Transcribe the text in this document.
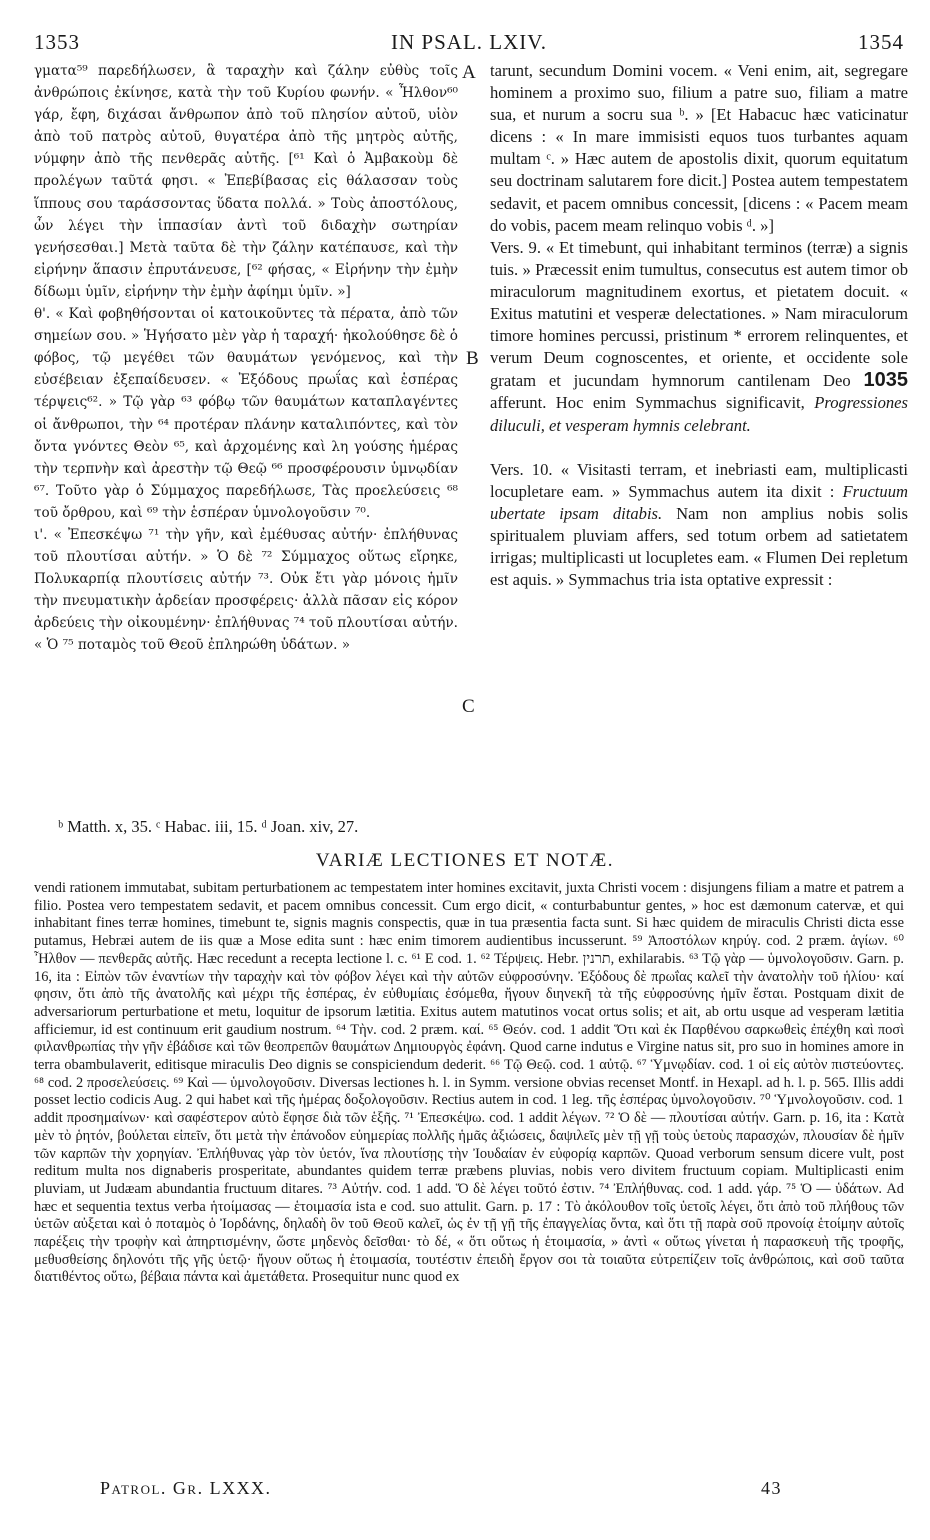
1353	IN PSAL. LXIV.	1354
A
B
C

γματα⁵⁹ παρεδήλωσεν, ἃ ταραχὴν καὶ ζάλην εὐθὺς τοῖς ἀνθρώποις ἐκίνησε, κατὰ τὴν τοῦ Κυρίου φωνήν. « Ἦλθον⁶⁰ γάρ, ἔφη, διχάσαι ἄνθρωπον ἀπὸ τοῦ πλησίον αὐτοῦ, υἱὸν ἀπὸ τοῦ πατρὸς αὐτοῦ, θυγατέρα ἀπὸ τῆς μητρὸς αὐτῆς, νύμφην ἀπὸ τῆς πενθερᾶς αὐτῆς. [⁶¹ Καὶ ὁ Ἀμβακοὺμ δὲ προλέγων ταῦτά φησι. « Ἐπεβίβασας εἰς θάλασσαν τοὺς ἵππους σου ταράσσοντας ὕδατα πολλά. » Τοὺς ἀποστόλους, ὧν λέγει τὴν ἱππασίαν ἀντὶ τοῦ διδαχὴν σωτηρίαν γενήσεσθαι.] Μετὰ ταῦτα δὲ τὴν ζάλην κατέπαυσε, καὶ τὴν εἰρήνην ἅπασιν ἐπρυτάνευσε, [⁶² φήσας, « Εἰρήνην τὴν ἐμὴν δίδωμι ὑμῖν, εἰρήνην τὴν ἐμὴν ἀφίημι ὑμῖν. »]

θ'. « Καὶ φοβηθήσονται οἱ κατοικοῦντες τὰ πέρατα, ἀπὸ τῶν σημείων σου. » Ἡγήσατο μὲν γὰρ ἡ ταραχή· ἠκολούθησε δὲ ὁ φόβος, τῷ μεγέθει τῶν θαυμάτων γενόμενος, καὶ τὴν εὐσέβειαν ἐξεπαίδευσεν. « Ἐξόδους πρωΐας καὶ ἑσπέρας τέρψεις⁶². » Τῷ γὰρ ⁶³ φόβῳ τῶν θαυμάτων καταπλαγέντες οἱ ἄνθρωποι, τὴν ⁶⁴ προτέραν πλάνην καταλιπόντες, καὶ τὸν ὄντα γνόντες Θεὸν ⁶⁵, καὶ ἀρχομένης καὶ λη γούσης ἡμέρας τὴν τερπνὴν καὶ ἀρεστὴν τῷ Θεῷ ⁶⁶ προσφέρουσιν ὑμνῳδίαν ⁶⁷. Τοῦτο γὰρ ὁ Σύμμαχος παρεδήλωσε, Τὰς προελεύσεις ⁶⁸ τοῦ ὄρθρου, καὶ ⁶⁹ τὴν ἑσπέραν ὑμνολογοῦσιν ⁷⁰.

ι'. « Ἐπεσκέψω ⁷¹ τὴν γῆν, καὶ ἐμέθυσας αὐτήν· ἐπλήθυνας τοῦ πλουτίσαι αὐτήν. » Ὁ δὲ ⁷² Σύμμαχος οὕτως εἴρηκε, Πολυκαρπίᾳ πλουτίσεις αὐτήν ⁷³. Οὐκ ἔτι γὰρ μόνοις ἡμῖν τὴν πνευματικὴν ἀρδείαν προσφέρεις· ἀλλὰ πᾶσαν εἰς κόρον ἀρδεύεις τὴν οἰκουμένην· ἐπλήθυνας ⁷⁴ τοῦ πλουτίσαι αὐτήν. « Ὁ ⁷⁵ ποταμὸς τοῦ Θεοῦ ἐπληρώθη ὑδάτων. »

tarunt, secundum Domini vocem. « Veni enim, ait, segregare hominem a proximo suo, filium a patre suo, filiam a matre sua, et nurum a socru sua ᵇ. » [Et Habacuc hæc vaticinatur dicens : « In mare immisisti equos tuos turbantes aquam multam ᶜ. » Hæc autem de apostolis dixit, quorum equitatum seu doctrinam salutarem fore dicit.] Postea autem tempestatem sedavit, et pacem omnibus concessit, [dicens : « Pacem meam do vobis, pacem meam relinquo vobis ᵈ. »]

Vers. 9. « Et timebunt, qui inhabitant terminos (terræ) a signis tuis. » Præcessit enim tumultus, consecutus est autem timor ob miraculorum magnitudinem exortus, et pietatem docuit. « Exitus matutini et vesperæ delectationes. » Nam miraculorum timore homines percussi, pristinum * errorem relinquentes, et verum Deum cognoscentes, et oriente, et occidente sole gratam et jucundam hymnorum cantilenam Deo 1035 afferunt. Hoc enim Symmachus significavit, Progressiones diluculi, et vesperam hymnis celebrant.

Vers. 10. « Visitasti terram, et inebriasti eam, multiplicasti locupletare eam. » Symmachus autem ita dixit : Fructuum ubertate ipsam ditabis. Nam non amplius nobis solis spiritualem pluviam affers, sed totum orbem ad satietatem irrigas; multiplicasti ut locupletes eam. « Flumen Dei repletum est aquis. » Symmachus tria ista optative expressit :

ᵇ Matth. x, 35. ᶜ Habac. iii, 15. ᵈ Joan. xiv, 27.
VARIÆ LECTIONES ET NOTÆ.

vendi rationem immutabat, subitam perturbationem ac tempestatem inter homines excitavit, juxta Christi vocem : disjungens filiam a matre et patrem a filio. Postea vero tempestatem sedavit, et pacem omnibus concessit. Cum ergo dicit, « conturbabuntur gentes, » hoc est dæmonum catervæ, et qui inhabitant fines terræ homines, timebunt te, signis magnis conspectis, quæ in tua præsentia facta sunt. Si hæc quidem de miraculis Christi dicta esse putamus, Hebræi autem de iis quæ a Mose edita sunt : hæc enim timorem audientibus incusserunt. ⁵⁹ Ἀποστόλων κηρύγ. cod. 2 præm. ἁγίων. ⁶⁰ Ἦλθον — πενθερᾶς αὐτῆς. Hæc recedunt a recepta lectione l. c. ⁶¹ E cod. 1. ⁶² Τέρψεις. Hebr. תרנין, exhilarabis. ⁶³ Τῷ γὰρ — ὑμνολογοῦσιν. Garn. p. 16, ita : Εἰπὼν τῶν ἐναντίων τὴν ταραχὴν καὶ τὸν φόβον λέγει καὶ τὴν αὐτῶν εὐφροσύνην. Ἐξόδους δὲ πρωΐας καλεῖ τὴν ἀνατολὴν τοῦ ἡλίου· καί φησιν, ὅτι ἀπὸ τῆς ἀνατολῆς καὶ μέχρι τῆς ἑσπέρας, ἐν εὐθυμίαις ἐσόμεθα, ἤγουν διηνεκῆ τὰ τῆς εὐφροσύνης ἡμῖν ἔσται. Postquam dixit de adversariorum perturbatione et metu, loquitur de ipsorum lætitia. Exitus autem matutinos vocat ortus solis; et ait, ab ortu usque ad vesperam lætitia afficiemur, id est continuum erit gaudium nostrum. ⁶⁴ Τὴν. cod. 2 præm. καί. ⁶⁵ Θεόν. cod. 1 addit Ὅτι καὶ ἐκ Παρθένου σαρκωθεὶς ἐπέχθη καὶ ποσὶ φιλανθρωπίας τὴν γῆν ἐβάδισε καὶ τῶν θεοπρεπῶν θαυμάτων Δημιουργὸς ἐφάνη. Quod carne indutus e Virgine natus sit, pro suo in homines amore in terra obambulaverit, editisque miraculis Deo dignis se conspiciendum dederit. ⁶⁶ Τῷ Θεῷ. cod. 1 αὐτῷ. ⁶⁷ Ὑμνῳδίαν. cod. 1 οἱ εἰς αὐτὸν πιστεύοντες. ⁶⁸ cod. 2 προσελεύσεις. ⁶⁹ Καὶ — ὑμνολογοῦσιν. Diversas lectiones h. l. in Symm. versione obvias recenset Montf. in Hexapl. ad h. l. p. 565. Illis addi posset lectio codicis Aug. 2 qui habet καὶ τῆς ἡμέρας δοξολογοῦσιν. Rectius autem in cod. 1 leg. τῆς ἑσπέρας ὑμνολογοῦσιν. ⁷⁰ Ὑμνολογοῦσιν. cod. 1 addit προσημαίνων· καὶ σαφέστερον αὐτὸ ἔφησε διὰ τῶν ἑξῆς. ⁷¹ Ἐπεσκέψω. cod. 1 addit λέγων. ⁷² Ὁ δὲ — πλουτίσαι αὐτήν. Garn. p. 16, ita : Κατὰ μὲν τὸ ῥητόν, βούλεται εἰπεῖν, ὅτι μετὰ τὴν ἐπάνοδον εὐημερίας πολλῆς ἡμᾶς ἀξιώσεις, δαψιλεῖς μὲν τῇ γῇ τοὺς ὑετοὺς παρασχών, πλουσίαν δὲ ἡμῖν τῶν καρπῶν τὴν χορηγίαν. Ἐπλήθυνας γὰρ τὸν ὑετόν, ἵνα πλουτίσῃς τὴν Ἰουδαίαν ἐν εὐφορίᾳ καρπῶν. Quoad verborum sensum dicere vult, post reditum multa nos dignaberis prosperitate, abundantes quidem terræ præbens pluvias, nobis vero divitem fructuum copiam. Multiplicasti enim pluviam, ut Judæam abundantia fructuum ditares. ⁷³ Αὐτήν. cod. 1 add. Ὅ δὲ λέγει τοῦτό ἐστιν. ⁷⁴ Ἐπλήθυνας. cod. 1 add. γάρ. ⁷⁵ Ὁ — ὑδάτων. Ad hæc et sequentia textus verba ἡτοίμασας — ἑτοιμασία ista e cod. suo attulit. Garn. p. 17 : Τὸ ἀκόλουθον τοῖς ὑετοῖς λέγει, ὅτι ἀπὸ τοῦ πλήθους τῶν ὑετῶν αὐξεται καὶ ὁ ποταμὸς ὁ Ἰορδάνης, δηλαδὴ ὃν τοῦ Θεοῦ καλεῖ, ὡς ἐν τῇ γῇ τῆς ἐπαγγελίας ὄντα, καὶ ὅτι τῇ παρὰ σοῦ προνοίᾳ ἑτοίμην αὐτοῖς παρέξεις τὴν τροφὴν καὶ ἀπηρτισμένην, ὥστε μηδενὸς δεῖσθαι· τὸ δέ, « ὅτι οὕτως ἡ ἑτοιμασία, » ἀντὶ « οὕτως γίνεται ἡ παρασκευὴ τῆς τροφῆς, μεθυσθείσης δηλονότι τῆς γῆς ὑετῷ· ἤγουν οὕτως ἡ ἑτοιμασία, τουτέστιν ἐπειδὴ ἔργον σοι τὰ τοιαῦτα εὐτρεπίζειν τοῖς ἀνθρώποις, καὶ σοῦ ταῦτα διατιθέντος οὕτω, βέβαια πάντα καὶ ἀμετάθετα. Prosequitur nunc quod ex

Patrol. Gr. LXXX.	43
